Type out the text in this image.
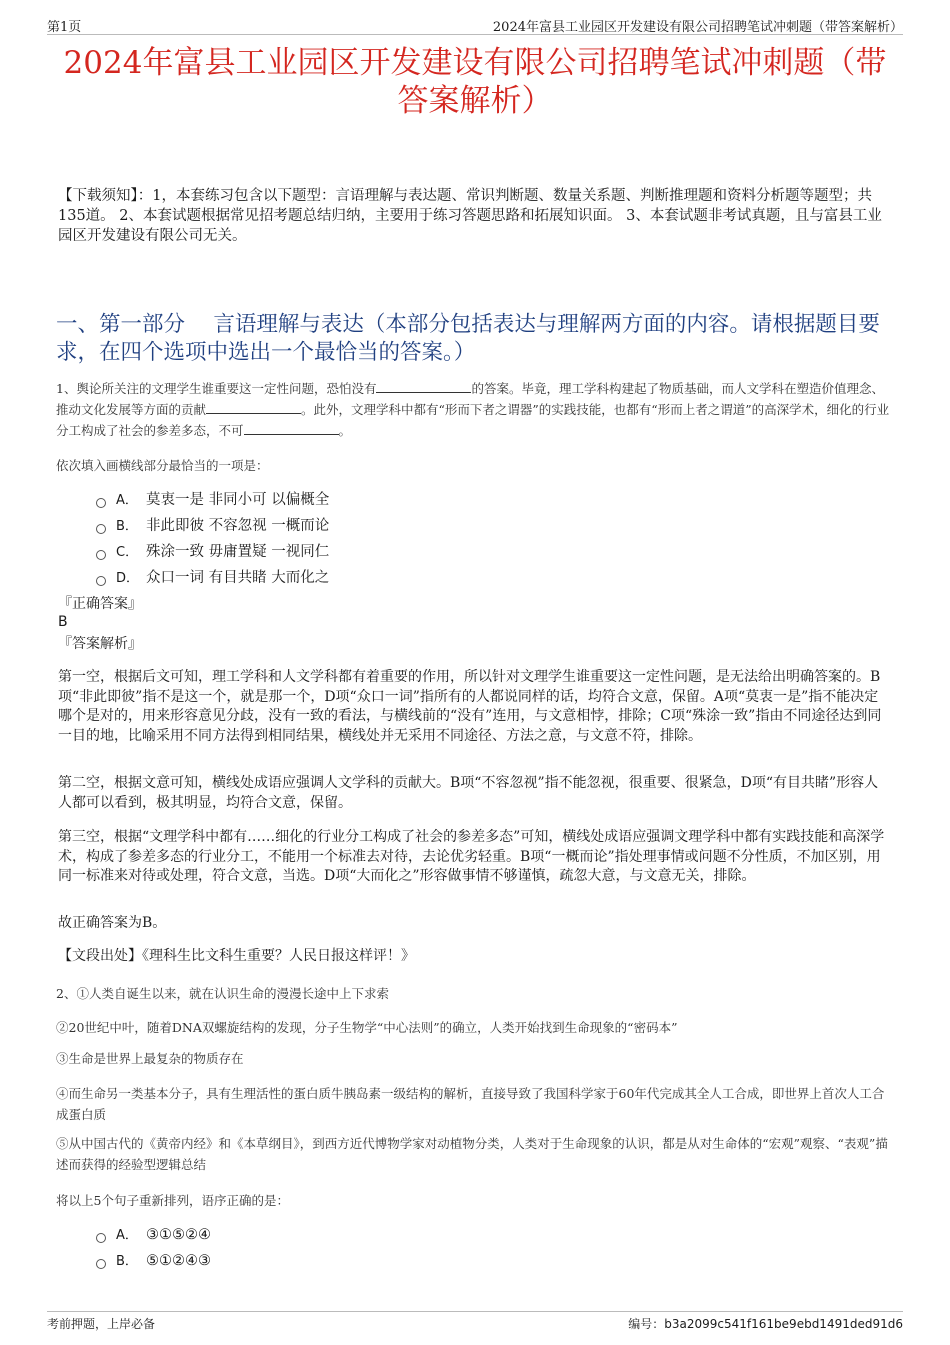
第1页	2024年富县工业园区开发建设有限公司招聘笔试冲刺题（带答案解析）
2024年富县工业园区开发建设有限公司招聘笔试冲刺题（带答案解析）
【下载须知】：1，本套练习包含以下题型：言语理解与表达题、常识判断题、数量关系题、判断推理题和资料分析题等题型；共135道。 2、本套试题根据常见招考题总结归纳，主要用于练习答题思路和拓展知识面。 3、本套试题非考试真题，且与富县工业园区开发建设有限公司无关。
一、第一部分　 言语理解与表达（本部分包括表达与理解两方面的内容。请根据题目要求，在四个选项中选出一个最恰当的答案。）
1、舆论所关注的文理学生谁重要这一定性问题，恐怕没有	的答案。毕竟，理工学科构建起了物质基础，而人文学科在塑造价值理念、推动文化发展等方面的贡献	。此外，文理学科中都有“形而下者之谓器”的实践技能，也都有“形而上者之谓道”的高深学术，细化的行业分工构成了社会的参差多态，不可	。
依次填入画横线部分最恰当的一项是：
A． 莫衷一是 非同小可 以偏概全
B． 非此即彼 不容忽视 一概而论
C． 殊涂一致 毋庸置疑 一视同仁
D． 众口一词 有目共睹 大而化之
『正确答案』
B
『答案解析』
第一空，根据后文可知，理工学科和人文学科都有着重要的作用，所以针对文理学生谁重要这一定性问题，是无法给出明确答案的。B项“非此即彼”指不是这一个，就是那一个，D项“众口一词”指所有的人都说同样的话，均符合文意，保留。A项“莫衷一是”指不能决定哪个是对的，用来形容意见分歧，没有一致的看法，与横线前的“没有”连用，与文意相悖，排除；C项“殊涂一致”指由不同途径达到同一目的地，比喻采用不同方法得到相同结果，横线处并无采用不同途径、方法之意，与文意不符，排除。
第二空，根据文意可知，横线处成语应强调人文学科的贡献大。B项“不容忽视”指不能忽视，很重要、很紧急，D项“有目共睹”形容人人都可以看到，极其明显，均符合文意，保留。
第三空，根据“文理学科中都有……细化的行业分工构成了社会的参差多态”可知，横线处成语应强调文理学科中都有实践技能和高深学术，构成了参差多态的行业分工，不能用一个标准去对待，去论优劣轻重。B项“一概而论”指处理事情或问题不分性质，不加区别，用同一标准来对待或处理，符合文意，当选。D项“大而化之”形容做事情不够谨慎，疏忽大意，与文意无关，排除。
故正确答案为B。
【文段出处】《理科生比文科生重要？人民日报这样评！》
2、①人类自诞生以来，就在认识生命的漫漫长途中上下求索
②20世纪中叶，随着DNA双螺旋结构的发现，分子生物学“中心法则”的确立，人类开始找到生命现象的“密码本”
③生命是世界上最复杂的物质存在
④而生命另一类基本分子，具有生理活性的蛋白质牛胰岛素一级结构的解析，直接导致了我国科学家于60年代完成其全人工合成，即世界上首次人工合成蛋白质
⑤从中国古代的《黄帝内经》和《本草纲目》，到西方近代博物学家对动植物分类，人类对于生命现象的认识，都是从对生命体的“宏观”观察、“表观”描述而获得的经验型逻辑总结
将以上5个句子重新排列，语序正确的是：
A． ③①⑤②④
B． ⑤①②④③
考前押题，上岸必备	编号：b3a2099c541f161be9ebd1491ded91d6
